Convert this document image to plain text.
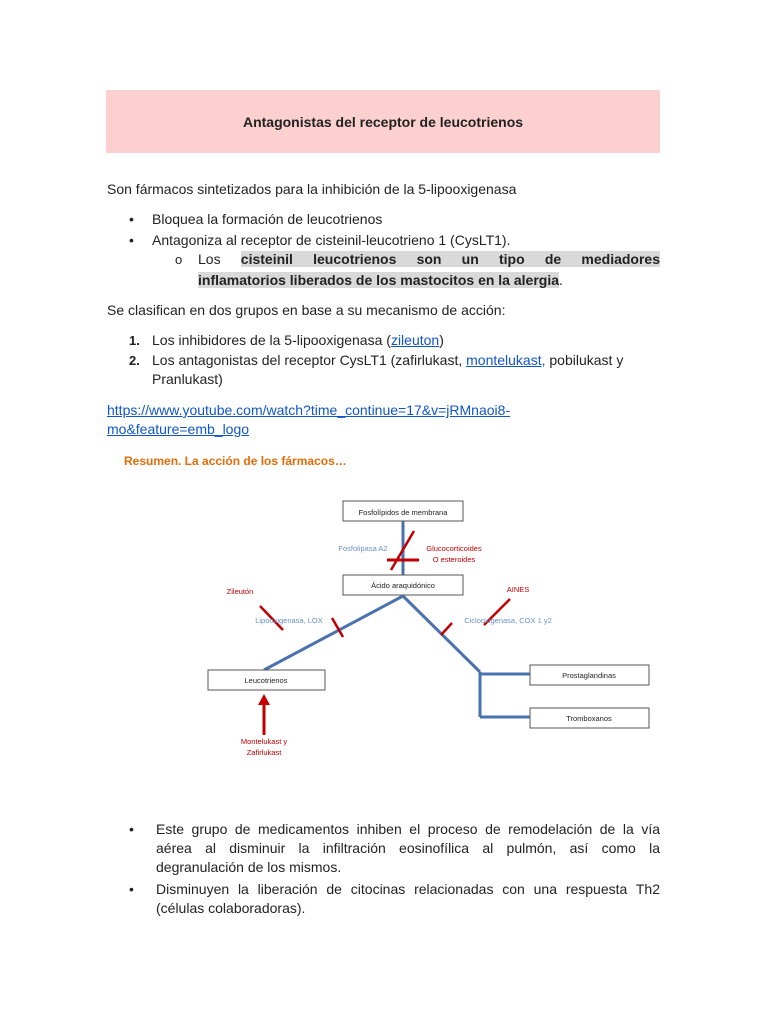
Antagonistas del receptor de leucotrienos
Son fármacos sintetizados para la inhibición de la 5-lipooxigenasa
• Bloquea la formación de leucotrienos
• Antagoniza al receptor de cisteinil-leucotrieno 1 (CysLT1).
o Los cisteinil leucotrienos son un tipo de mediadores
inflamatorios liberados de los mastocitos en la alergia.
Se clasifican en dos grupos en base a su mecanismo de acción:
1. Los inhibidores de la 5-lipooxigenasa (zileuton)
2. Los antagonistas del receptor CysLT1 (zafirlukast, montelukast, pobilukast y
Pranlukast)
https://www.youtube.com/watch?time_continue=17&v=jRMnaoi8-
mo&feature=emb_logo
Resumen. La acción de los fármacos…
Fosfolípidos de membrana
Ácido araquidónico
Leucotrienos
Prostaglandinas
Tromboxanos
Fosfolipasa A2
Lipooxigenasa, LOX	Ciclooxigenasa, COX 1 y2
Glucocorticoides
O esteroides
Zileutón	AINES
Montelukast y
Zafirlukast
• Este grupo de medicamentos inhiben el proceso de remodelación de la vía
aérea al disminuir la infiltración eosinofílica al pulmón, así como la
degranulación de los mismos.
• Disminuyen la liberación de citocinas relacionadas con una respuesta Th2
(células colaboradoras).
